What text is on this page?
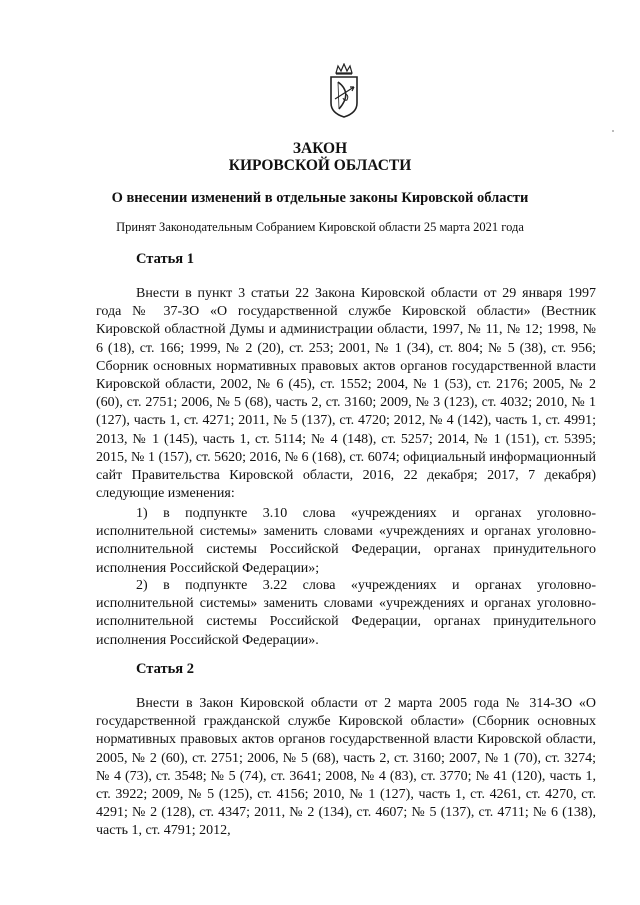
ЗАКОН
КИРОВСКОЙ ОБЛАСТИ
О внесении изменений в отдельные законы Кировской области
Принят Законодательным Собранием Кировской области 25 марта 2021 года
Статья 1

Внести в пункт 3 статьи 22 Закона Кировской области от 29 января 1997 года № 37-ЗО «О государственной службе Кировской области» (Вестник Кировской областной Думы и администрации области, 1997, № 11, № 12; 1998, № 6 (18), ст. 166; 1999, № 2 (20), ст. 253; 2001, № 1 (34), ст. 804; № 5 (38), ст. 956; Сборник основных нормативных правовых актов органов государственной власти Кировской области, 2002, № 6 (45), ст. 1552; 2004, № 1 (53), ст. 2176; 2005, № 2 (60), ст. 2751; 2006, № 5 (68), часть 2, ст. 3160; 2009, № 3 (123), ст. 4032; 2010, № 1 (127), часть 1, ст. 4271; 2011, № 5 (137), ст. 4720; 2012, № 4 (142), часть 1, ст. 4991; 2013, № 1 (145), часть 1, ст. 5114; № 4 (148), ст. 5257; 2014, № 1 (151), ст. 5395; 2015, № 1 (157), ст. 5620; 2016, № 6 (168), ст. 6074; официальный информационный сайт Правительства Кировской области, 2016, 22 декабря; 2017, 7 декабря) следующие изменения:

1) в подпункте 3.10 слова «учреждениях и органах уголовно-исполнительной системы» заменить словами «учреждениях и органах уголовно-исполнительной системы Российской Федерации, органах принудительного исполнения Российской Федерации»;

2) в подпункте 3.22 слова «учреждениях и органах уголовно-исполнительной системы» заменить словами «учреждениях и органах уголовно-исполнительной системы Российской Федерации, органах принудительного исполнения Российской Федерации».

Статья 2

Внести в Закон Кировской области от 2 марта 2005 года № 314-ЗО «О государственной гражданской службе Кировской области» (Сборник основных нормативных правовых актов органов государственной власти Кировской области, 2005, № 2 (60), ст. 2751; 2006, № 5 (68), часть 2, ст. 3160; 2007, № 1 (70), ст. 3274; № 4 (73), ст. 3548; № 5 (74), ст. 3641; 2008, № 4 (83), ст. 3770; № 41 (120), часть 1, ст. 3922; 2009, № 5 (125), ст. 4156; 2010, № 1 (127), часть 1, ст. 4261, ст. 4270, ст. 4291; № 2 (128), ст. 4347; 2011, № 2 (134), ст. 4607; № 5 (137), ст. 4711; № 6 (138), часть 1, ст. 4791; 2012,
